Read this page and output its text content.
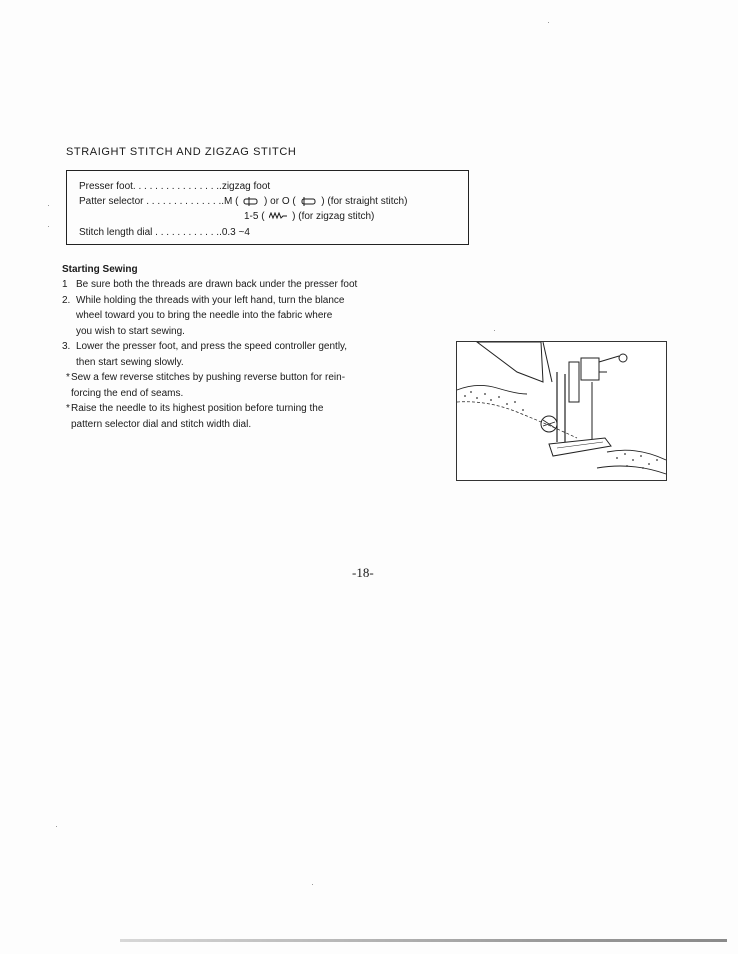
STRAIGHT STITCH AND ZIGZAG STITCH
Presser foot. . . . . . . . . . . . . . . ..zigzag foot
Patter selector . . . . . . . . . . . . . ..M (	) or O (	) (for straight stitch)
1-5 (	) (for zigzag stitch)
Stitch length dial . . . . . . . . . . . ..0.3 ~4
Starting Sewing
1 Be sure both the threads are drawn back under the presser foot
2. While holding the threads with your left hand, turn the blance
wheel toward you to bring the needle into the fabric where
you wish to start sewing.
3. Lower the presser foot, and press the speed controller gently,
then start sewing slowly.
* Sew a few reverse stitches by pushing reverse button for rein-
forcing the end of seams.
* Raise the needle to its highest position before turning the
pattern selector dial and stitch width dial.
-18-
